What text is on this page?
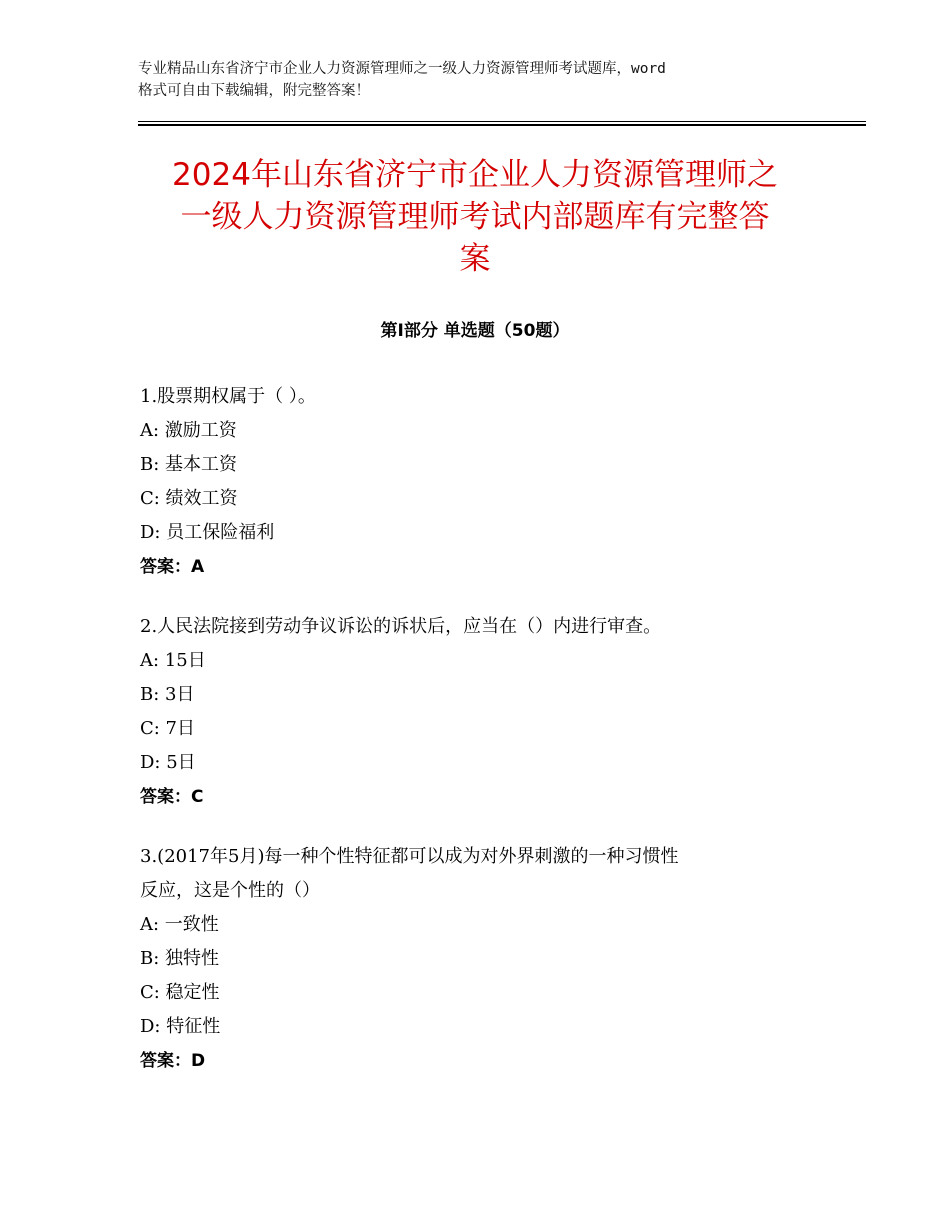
专业精品山东省济宁市企业人力资源管理师之一级人力资源管理师考试题库，word
格式可自由下载编辑，附完整答案！
2024年山东省济宁市企业人力资源管理师之
一级人力资源管理师考试内部题库有完整答
案
第Ⅰ部分 单选题（50题）
1.股票期权属于（ ）。
A: 激励工资
B: 基本工资
C: 绩效工资
D: 员工保险福利
答案：A
2.人民法院接到劳动争议诉讼的诉状后，应当在（）内进行审查。
A: 15日
B: 3日
C: 7日
D: 5日
答案：C
3.(2017年5月)每一种个性特征都可以成为对外界刺激的一种习惯性
反应，这是个性的（）
A: 一致性
B: 独特性
C: 稳定性
D: 特征性
答案：D
